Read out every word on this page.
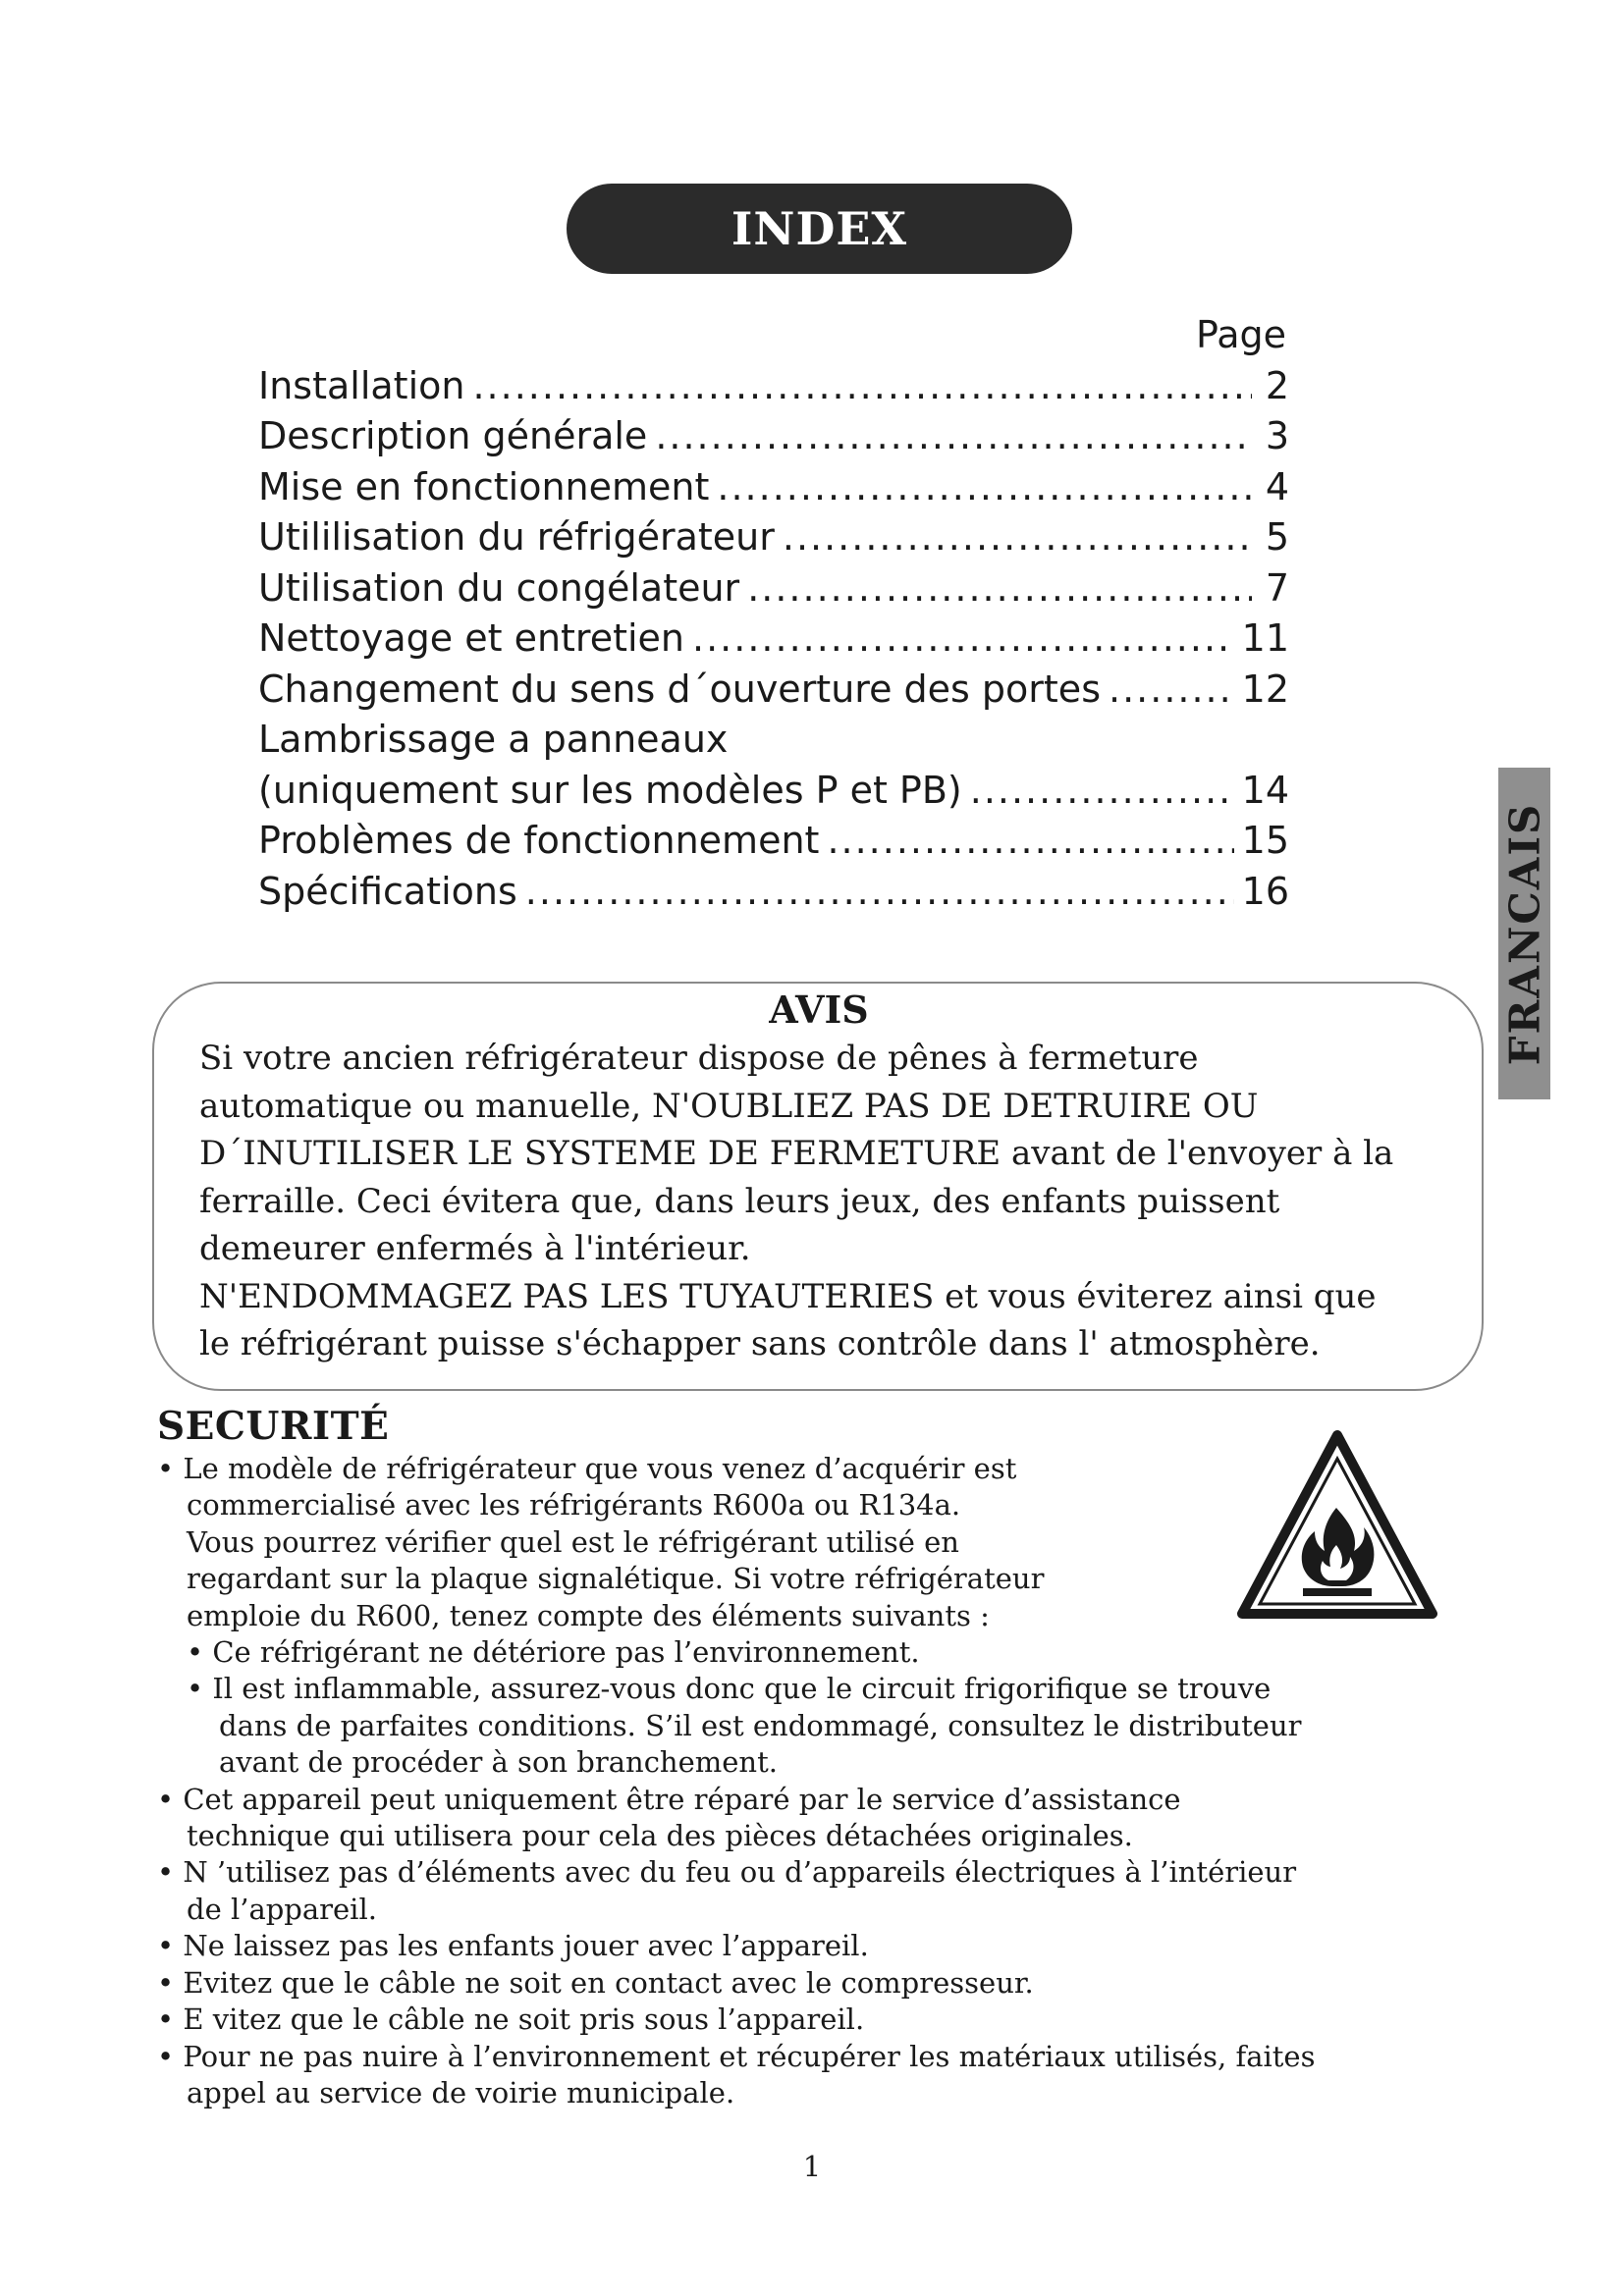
INDEX
Page
Installation .....	2
Description générale .....	3
Mise en fonctionnement .....	4
Utililisation du réfrigérateur .....	5
Utilisation du congélateur .....	7
Nettoyage et entretien .....	11
Changement du sens d´ouverture des portes .....	12
Lambrissage a panneaux
(uniquement sur les modèles P et PB) .....	14
Problèmes de fonctionnement .....	15
Spécifications .....	16	FRANCAIS
AVIS
Si votre ancien réfrigérateur dispose de pênes à fermeture
automatique ou manuelle, N'OUBLIEZ PAS DE DETRUIRE OU
D´INUTILISER LE SYSTEME DE FERMETURE avant de l'envoyer à la
ferraille. Ceci évitera que, dans leurs jeux, des enfants puissent
demeurer enfermés à l'intérieur.
N'ENDOMMAGEZ PAS LES TUYAUTERIES et vous éviterez ainsi que
le réfrigérant puisse s'échapper sans contrôle dans l' atmosphère.
SECURITÉ
• Le modèle de réfrigérateur que vous venez d’acquérir est
commercialisé avec les réfrigérants R600a ou R134a.
Vous pourrez vérifier quel est le réfrigérant utilisé en
regardant sur la plaque signalétique. Si votre réfrigérateur
emploie du R600, tenez compte des éléments suivants :
• Ce réfrigérant ne détériore pas l’environnement.
• Il est inflammable, assurez-vous donc que le circuit frigorifique se trouve
dans de parfaites conditions. S’il est endommagé, consultez le distributeur
avant de procéder à son branchement.
• Cet appareil peut uniquement être réparé par le service d’assistance
technique qui utilisera pour cela des pièces détachées originales.
• N ’utilisez pas d’éléments avec du feu ou d’appareils électriques à l’intérieur
de l’appareil.
• Ne laissez pas les enfants jouer avec l’appareil.
• Evitez que le câble ne soit en contact avec le compresseur.
• E vitez que le câble ne soit pris sous l’appareil.
• Pour ne pas nuire à l’environnement et récupérer les matériaux utilisés, faites
appel au service de voirie municipale.
1
